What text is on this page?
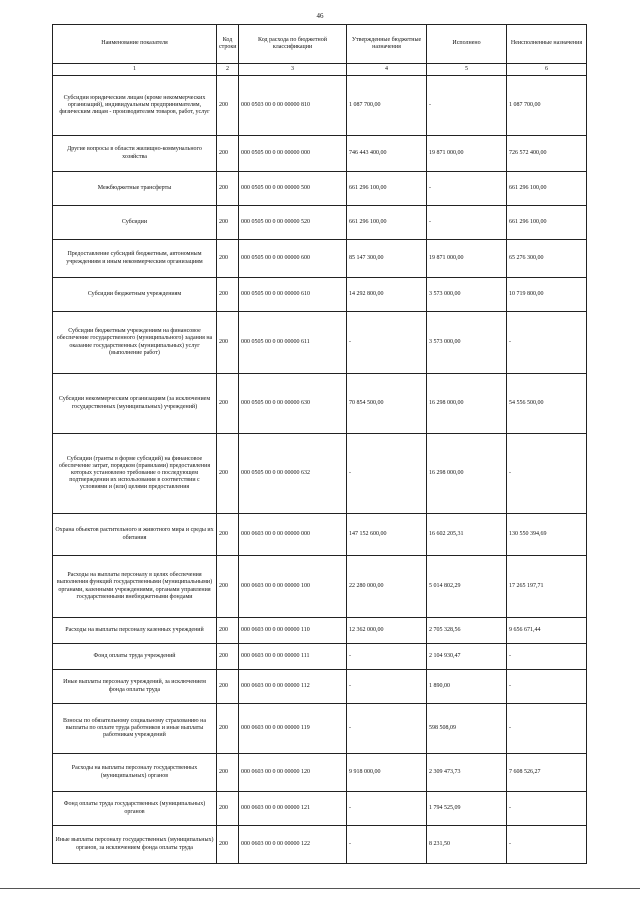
46
Наименование показателя	Код строки	Код расхода по бюджетной классификации	Утвержденные бюджетные назначения	Исполнено	Неисполненные назначения
1	2	3	4	5	6
Субсидии юридическим лицам (кроме некоммерческих организаций), индивидуальным предпринимателям, физическим лицам - производителям товаров, работ, услуг	200	000 0503 00 0 00 00000 810	1 087 700,00	-	1 087 700,00
Другие вопросы в области жилищно-коммунального хозяйства	200	000 0505 00 0 00 00000 000	746 443 400,00	19 871 000,00	726 572 400,00
Межбюджетные трансферты	200	000 0505 00 0 00 00000 500	661 296 100,00	-	661 296 100,00
Субсидии	200	000 0505 00 0 00 00000 520	661 296 100,00	-	661 296 100,00
Предоставление субсидий бюджетным, автономным учреждениям и иным некоммерческим организациям	200	000 0505 00 0 00 00000 600	85 147 300,00	19 871 000,00	65 276 300,00
Субсидии бюджетным учреждениям	200	000 0505 00 0 00 00000 610	14 292 800,00	3 573 000,00	10 719 800,00
Субсидии бюджетным учреждениям на финансовое обеспечение государственного (муниципального) задания на оказание государственных (муниципальных) услуг (выполнение работ)	200	000 0505 00 0 00 00000 611	-	3 573 000,00	-
Субсидии некоммерческим организациям (за исключением государственных (муниципальных) учреждений)	200	000 0505 00 0 00 00000 630	70 854 500,00	16 298 000,00	54 556 500,00
Субсидии (гранты в форме субсидий) на финансовое обеспечение затрат, порядком (правилами) предоставления которых установлено требование о последующем подтверждении их использования в соответствии с условиями и (или) целями предоставления	200	000 0505 00 0 00 00000 632	-	16 298 000,00	-
Охрана объектов растительного и животного мира и среды их обитания	200	000 0603 00 0 00 00000 000	147 152 600,00	16 602 205,31	130 550 394,69
Расходы на выплаты персоналу в целях обеспечения выполнения функций государственными (муниципальными) органами, казенными учреждениями, органами управления государственными внебюджетными фондами	200	000 0603 00 0 00 00000 100	22 280 000,00	5 014 802,29	17 265 197,71
Расходы на выплаты персоналу казенных учреждений	200	000 0603 00 0 00 00000 110	12 362 000,00	2 705 328,56	9 656 671,44
Фонд оплаты труда учреждений	200	000 0603 00 0 00 00000 111	-	2 104 930,47	-
Иные выплаты персоналу учреждений, за исключением фонда оплаты труда	200	000 0603 00 0 00 00000 112	-	1 890,00	-
Взносы по обязательному социальному страхованию на выплаты по оплате труда работников и иные выплаты работникам учреждений	200	000 0603 00 0 00 00000 119	-	598 508,09	-
Расходы на выплаты персоналу государственных (муниципальных) органов	200	000 0603 00 0 00 00000 120	9 918 000,00	2 309 473,73	7 608 526,27
Фонд оплаты труда государственных (муниципальных) органов	200	000 0603 00 0 00 00000 121	-	1 794 525,09	-
Иные выплаты персоналу государственных (муниципальных) органов, за исключением фонда оплаты труда	200	000 0603 00 0 00 00000 122	-	8 231,50	-
